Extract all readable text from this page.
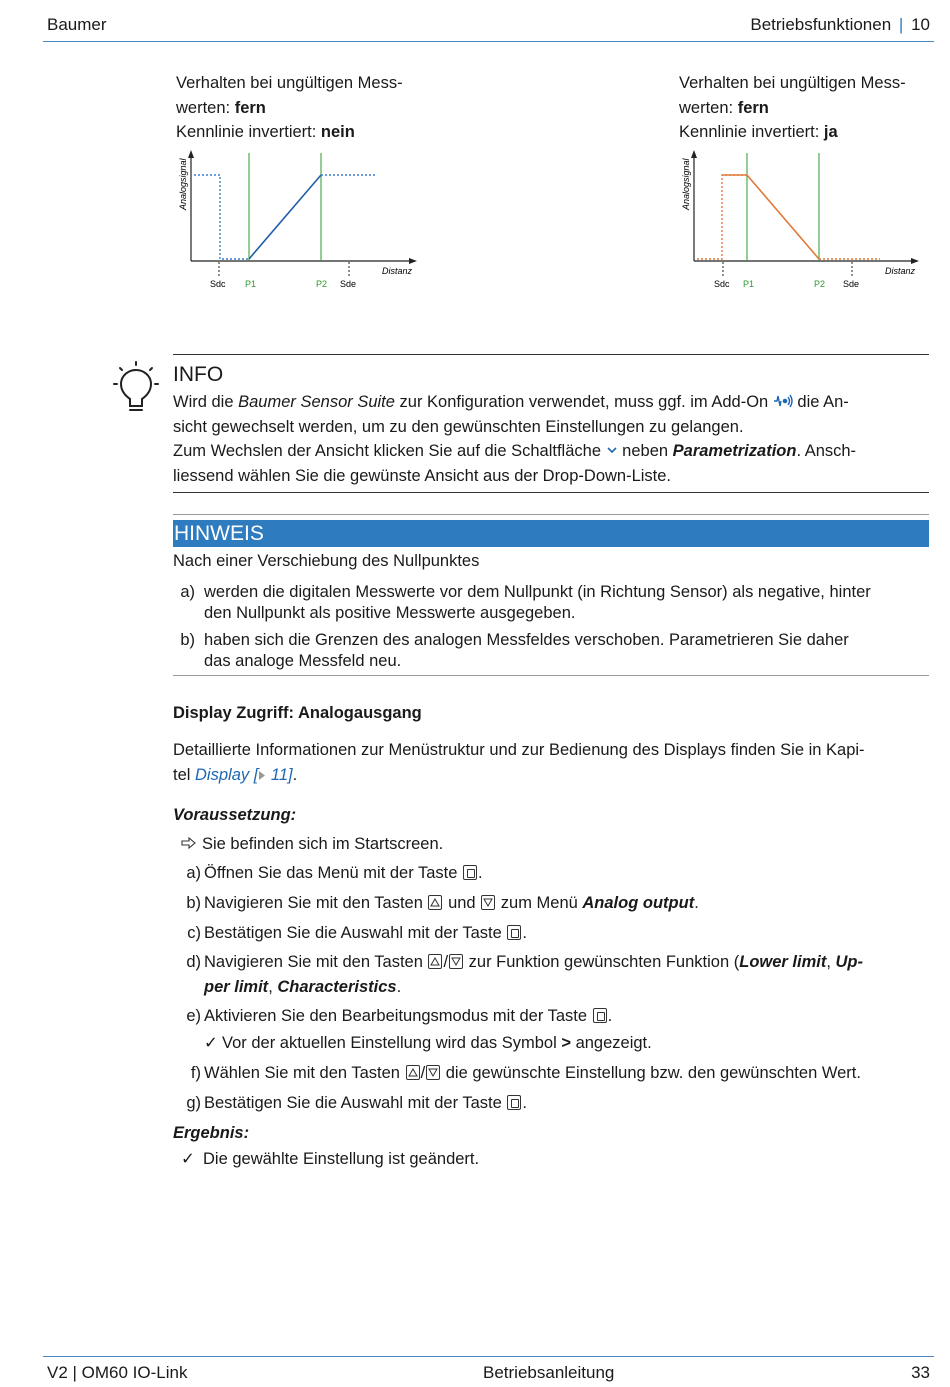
Baumer	Betriebsfunktionen | 10
Verhalten bei ungültigen Mess-
werten: fern
Kennlinie invertiert: nein
Analogsignal
Distanz
Sdc P1	P2 Sde
Verhalten bei ungültigen Mess-
werten: fern
Kennlinie invertiert: ja
Analogsignal
Distanz
Sdc P1	P2 Sde
INFO
Wird die Baumer Sensor Suite zur Konfiguration verwendet, muss ggf. im Add-On  die An-
sicht gewechselt werden, um zu den gewünschten Einstellungen zu gelangen.
Zum Wechslen der Ansicht klicken Sie auf die Schaltfläche  neben Parametrization. Ansch-
liessend wählen Sie die gewünste Ansicht aus der Drop-Down-Liste.
HINWEIS
Nach einer Verschiebung des Nullpunktes
a) werden die digitalen Messwerte vor dem Nullpunkt (in Richtung Sensor) als negative, hinter
den Nullpunkt als positive Messwerte ausgegeben.
b) haben sich die Grenzen des analogen Messfeldes verschoben. Parametrieren Sie daher
das analoge Messfeld neu.
Display Zugriff: Analogausgang
Detaillierte Informationen zur Menüstruktur und zur Bedienung des Displays finden Sie in Kapi-
tel Display [ 11].
Voraussetzung:
Sie befinden sich im Startscreen.
a) Öffnen Sie das Menü mit der Taste
.
b) Navigieren Sie mit den Tasten
und
zum Menü Analog output.
c) Bestätigen Sie die Auswahl mit der Taste
.
d) Navigieren Sie mit den Tasten
/
zur Funktion gewünschten Funktion (Lower limit, Up-
per limit, Characteristics.
e) Aktivieren Sie den Bearbeitungsmodus mit der Taste
.
✓ Vor der aktuellen Einstellung wird das Symbol > angezeigt.
f) Wählen Sie mit den Tasten
/
die gewünschte Einstellung bzw. den gewünschten Wert.
g) Bestätigen Sie die Auswahl mit der Taste
.
Ergebnis:
✓ Die gewählte Einstellung ist geändert.
V2 | OM60 IO-Link	Betriebsanleitung	33
